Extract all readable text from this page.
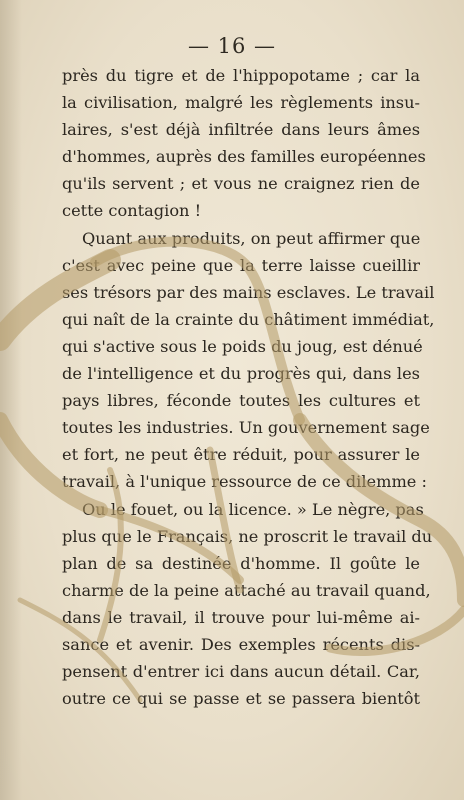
— 16 —
près du tigre et de l'hippopotame ; car la
la civilisation, malgré les règlements insu-
laires, s'est déjà infiltrée dans leurs âmes
d'hommes, auprès des familles européennes
qu'ils servent ; et vous ne craignez rien de
cette contagion !
Quant aux produits, on peut affirmer que
c'est avec peine que la terre laisse cueillir
ses trésors par des mains esclaves. Le travail
qui naît de la crainte du châtiment immédiat,
qui s'active sous le poids du joug, est dénué
de l'intelligence et du progrès qui, dans les
pays libres, féconde toutes les cultures et
toutes les industries. Un gouvernement sage
et fort, ne peut être réduit, pour assurer le
travail, à l'unique ressource de ce dilemme :
Ou le fouet, ou la licence. » Le nègre, pas
plus que le Français, ne proscrit le travail du
plan de sa destinée d'homme. Il goûte le
charme de la peine attaché au travail quand,
dans le travail, il trouve pour lui-même ai-
sance et avenir. Des exemples récents dis-
pensent d'entrer ici dans aucun détail. Car,
outre ce qui se passe et se passera bientôt
